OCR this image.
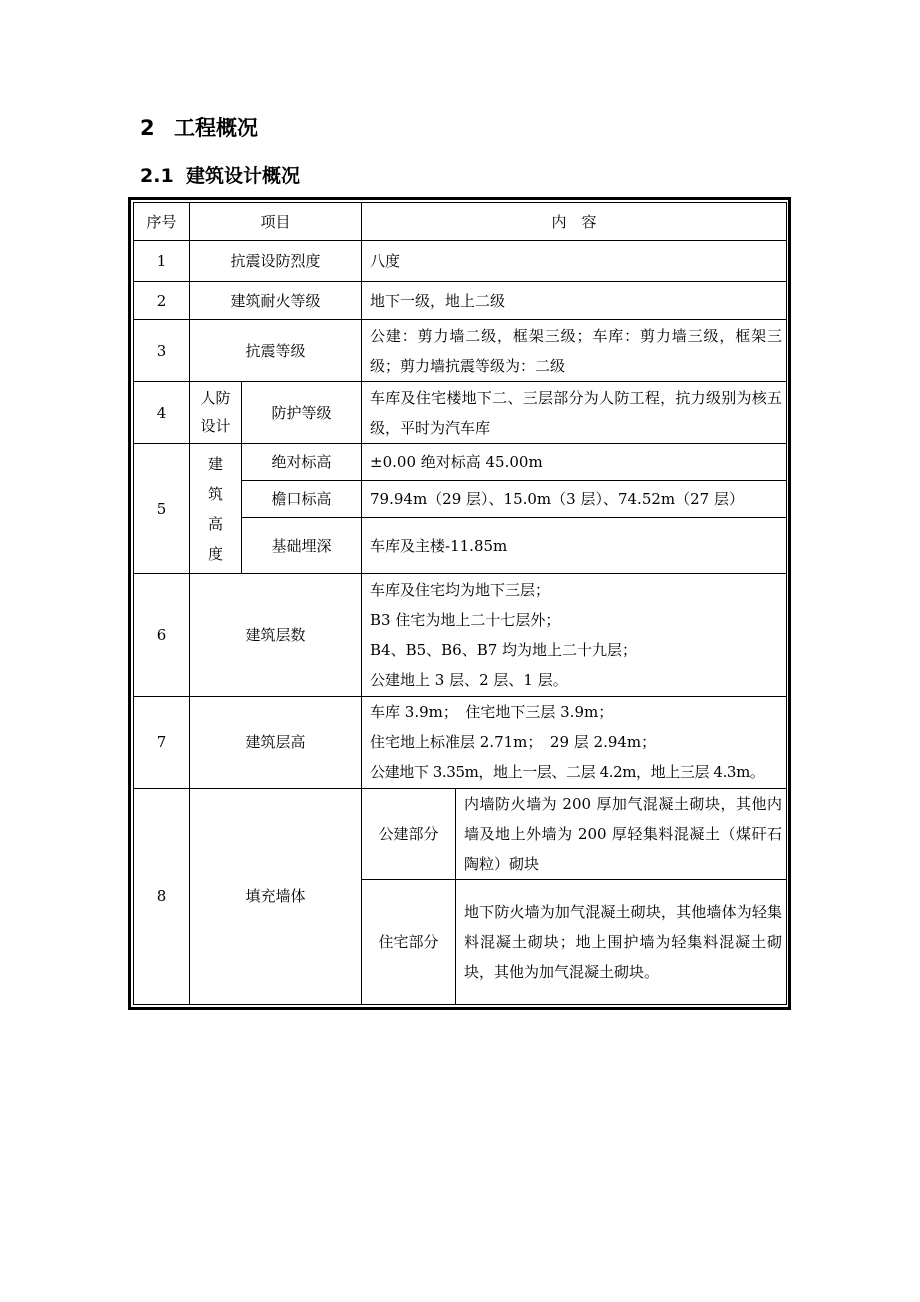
2 工程概况
2.1 建筑设计概况
序号	项目		内　容	
1	抗震设防烈度		八度	
2	建筑耐火等级		地下一级，地上二级	
3	抗震等级		公建：剪力墙二级，框架三级；车库：剪力墙三级，框架三级；剪力墙抗震等级为：二级	
4	人防设计	防护等级	车库及住宅楼地下二、三层部分为人防工程，抗力级别为核五级，平时为汽车库	
5	建筑高度	绝对标高	±0.00 绝对标高 45.00m	
		檐口标高	79.94m（29 层）、15.0m（3 层）、74.52m（27 层）	
		基础埋深	车库及主楼-11.85m	
6	建筑层数		车库及住宅均为地下三层；
B3 住宅为地上二十七层外；
B4、B5、B6、B7 均为地上二十九层；
公建地上 3 层、2 层、1 层。	

7	建筑层高		车库 3.9m；　住宅地下三层 3.9m；
住宅地上标准层 2.71m；　29 层 2.94m；
公建地下 3.35m，地上一层、二层 4.2m，地上三层 4.3m。	

8	填充墙体		公建部分	内墙防火墙为 200 厚加气混凝土砌块，其他内墙及地上外墙为 200 厚轻集料混凝土（煤矸石陶粒）砌块
			住宅部分	地下防火墙为加气混凝土砌块，其他墙体为轻集料混凝土砌块；地上围护墙为轻集料混凝土砌块，其他为加气混凝土砌块。
